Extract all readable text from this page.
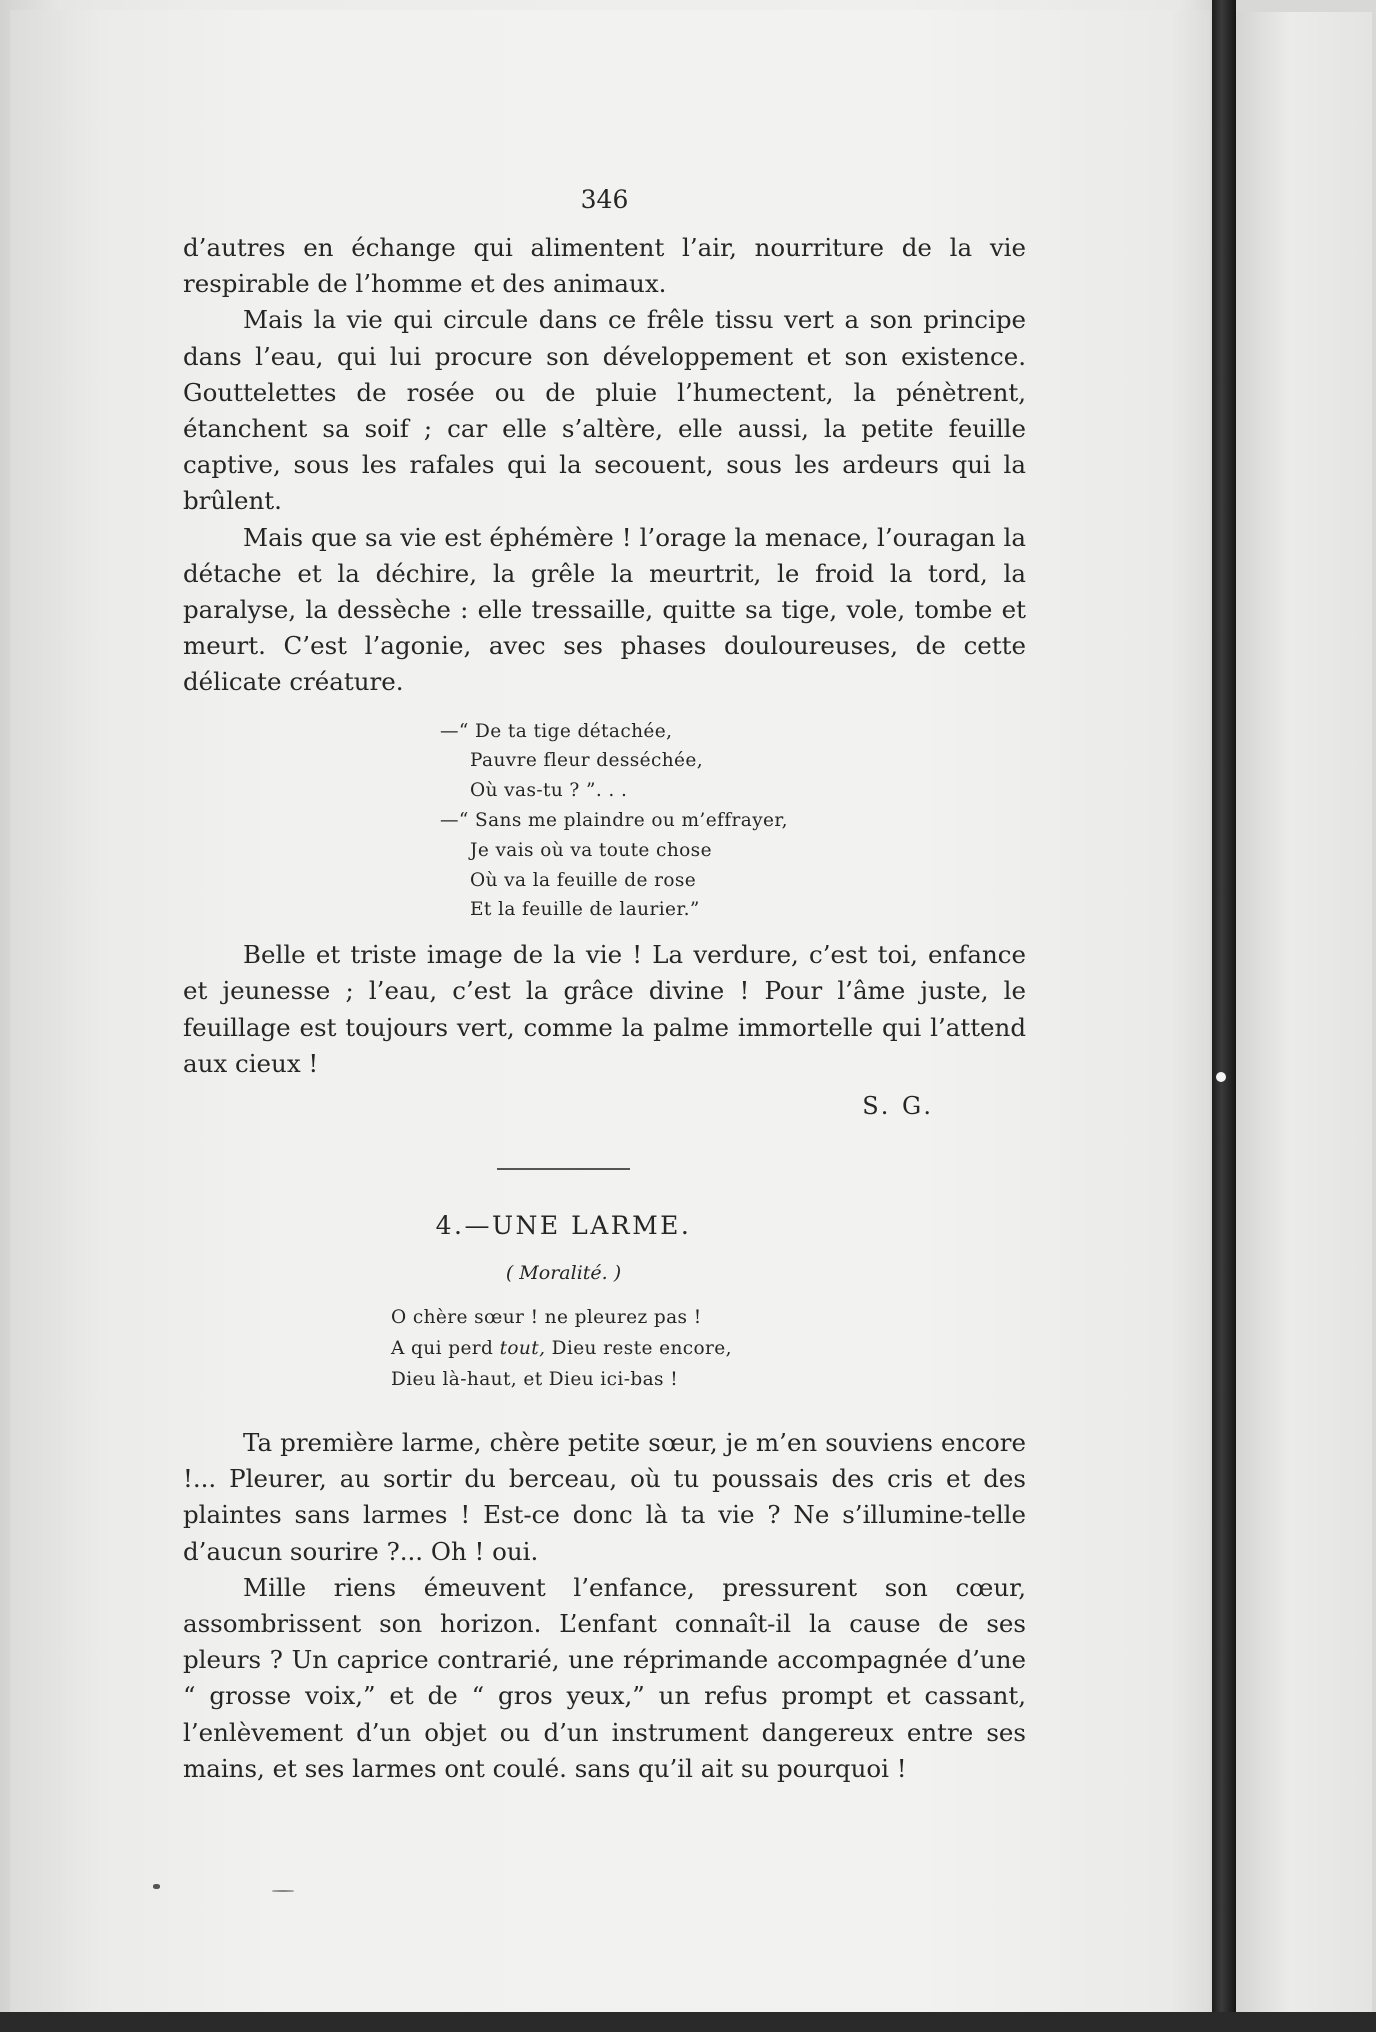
346

d’autres en échange qui alimentent l’air, nourriture de la vie respirable de l’homme et des animaux.

Mais la vie qui circule dans ce frêle tissu vert a son principe dans l’eau, qui lui procure son développement et son existence. Gouttelettes de rosée ou de pluie l’humectent, la pénètrent, étanchent sa soif ; car elle s’altère, elle aussi, la petite feuille captive, sous les rafales qui la secouent, sous les ardeurs qui la brûlent.

Mais que sa vie est éphémère ! l’orage la menace, l’ouragan la détache et la déchire, la grêle la meurtrit, le froid la tord, la paralyse, la dessèche : elle tressaille, quitte sa tige, vole, tombe et meurt. C’est l’agonie, avec ses phases douloureuses, de cette délicate créature.

—“ De ta tige détachée,
Pauvre fleur desséchée,
Où vas-tu ? ”. . .
—“ Sans me plaindre ou m’effrayer,
Je vais où va toute chose
Où va la feuille de rose
Et la feuille de laurier.”

Belle et triste image de la vie ! La verdure, c’est toi, enfance et jeunesse ; l’eau, c’est la grâce divine ! Pour l’âme juste, le feuillage est toujours vert, comme la palme immortelle qui l’attend aux cieux !

S. G.
4.—UNE LARME.
( Moralité. )
O chère sœur ! ne pleurez pas !
A qui perd tout, Dieu reste encore,
Dieu là-haut, et Dieu ici-bas !

Ta première larme, chère petite sœur, je m’en souviens encore !... Pleurer, au sortir du berceau, où tu poussais des cris et des plaintes sans larmes ! Est-ce donc là ta vie ? Ne s’illumine-telle d’aucun sourire ?... Oh ! oui.

Mille riens émeuvent l’enfance, pressurent son cœur, assombrissent son horizon. L’enfant connaît-il la cause de ses pleurs ? Un caprice contrarié, une réprimande accompagnée d’une “ grosse voix,” et de “ gros yeux,” un refus prompt et cassant, l’enlèvement d’un objet ou d’un instrument dangereux entre ses mains, et ses larmes ont coulé. sans qu’il ait su pourquoi !
